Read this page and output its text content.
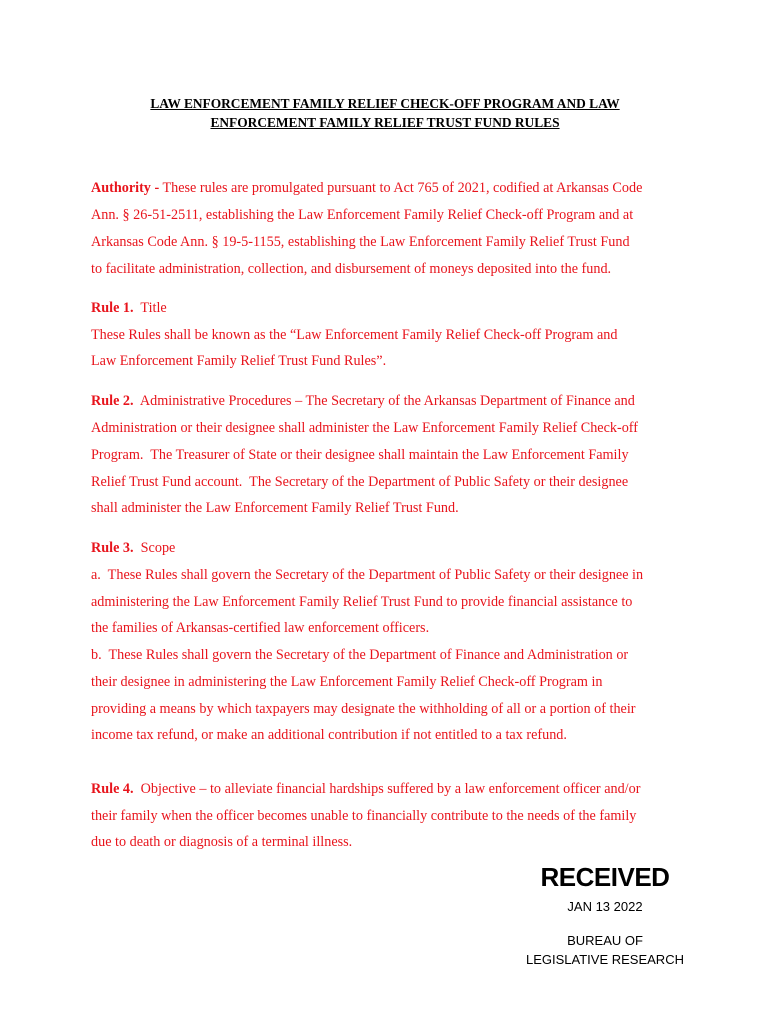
LAW ENFORCEMENT FAMILY RELIEF CHECK-OFF PROGRAM AND LAW
ENFORCEMENT FAMILY RELIEF TRUST FUND RULES
Authority - These rules are promulgated pursuant to Act 765 of 2021, codified at Arkansas Code
Ann. § 26-51-2511, establishing the Law Enforcement Family Relief Check-off Program and at
Arkansas Code Ann. § 19-5-1155, establishing the Law Enforcement Family Relief Trust Fund
to facilitate administration, collection, and disbursement of moneys deposited into the fund.
Rule 1.  Title
These Rules shall be known as the “Law Enforcement Family Relief Check-off Program and
Law Enforcement Family Relief Trust Fund Rules”.
Rule 2.  Administrative Procedures – The Secretary of the Arkansas Department of Finance and
Administration or their designee shall administer the Law Enforcement Family Relief Check-off
Program.  The Treasurer of State or their designee shall maintain the Law Enforcement Family
Relief Trust Fund account.  The Secretary of the Department of Public Safety or their designee
shall administer the Law Enforcement Family Relief Trust Fund.
Rule 3.  Scope
a.  These Rules shall govern the Secretary of the Department of Public Safety or their designee in
administering the Law Enforcement Family Relief Trust Fund to provide financial assistance to
the families of Arkansas-certified law enforcement officers.
b.  These Rules shall govern the Secretary of the Department of Finance and Administration or
their designee in administering the Law Enforcement Family Relief Check-off Program in
providing a means by which taxpayers may designate the withholding of all or a portion of their
income tax refund, or make an additional contribution if not entitled to a tax refund.
Rule 4.  Objective – to alleviate financial hardships suffered by a law enforcement officer and/or
their family when the officer becomes unable to financially contribute to the needs of the family
due to death or diagnosis of a terminal illness.
RECEIVED
JAN 13 2022
BUREAU OF
LEGISLATIVE RESEARCH
